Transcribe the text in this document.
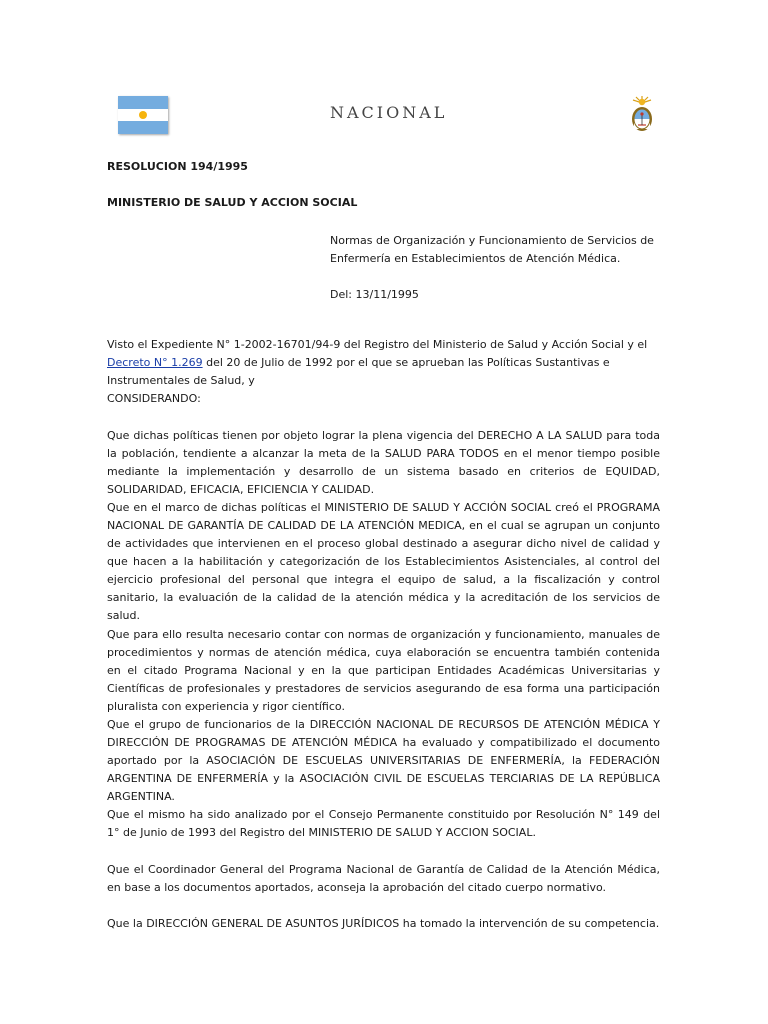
NACIONAL
RESOLUCION 194/1995
MINISTERIO DE SALUD Y ACCION SOCIAL
Normas de Organización y Funcionamiento de Servicios de Enfermería en Establecimientos de Atención Médica.
Del: 13/11/1995
Visto el Expediente N° 1-2002-16701/94-9 del Registro del Ministerio de Salud y Acción Social y el Decreto N° 1.269 del 20 de Julio de 1992 por el que se aprueban las Políticas Sustantivas e Instrumentales de Salud, y
CONSIDERANDO:
Que dichas políticas tienen por objeto lograr la plena vigencia del DERECHO A LA SALUD para toda la población, tendiente a alcanzar la meta de la SALUD PARA TODOS en el menor tiempo posible mediante la implementación y desarrollo de un sistema basado en criterios de EQUIDAD, SOLIDARIDAD, EFICACIA, EFICIENCIA Y CALIDAD.
Que en el marco de dichas políticas el MINISTERIO DE SALUD Y ACCIÓN SOCIAL creó el PROGRAMA NACIONAL DE GARANTÍA DE CALIDAD DE LA ATENCIÓN MEDICA, en el cual se agrupan un conjunto de actividades que intervienen en el proceso global destinado a asegurar dicho nivel de calidad y que hacen a la habilitación y categorización de los Establecimientos Asistenciales, al control del ejercicio profesional del personal que integra el equipo de salud, a la fiscalización y control sanitario, la evaluación de la calidad de la atención médica y la acreditación de los servicios de salud.
Que para ello resulta necesario contar con normas de organización y funcionamiento, manuales de procedimientos y normas de atención médica, cuya elaboración se encuentra también contenida en el citado Programa Nacional y en la que participan Entidades Académicas Universitarias y Científicas de profesionales y prestadores de servicios asegurando de esa forma una participación pluralista con experiencia y rigor científico.
Que el grupo de funcionarios de la DIRECCIÓN NACIONAL DE RECURSOS DE ATENCIÓN MÉDICA Y DIRECCIÓN DE PROGRAMAS DE ATENCIÓN MÉDICA ha evaluado y compatibilizado el documento aportado por la ASOCIACIÓN DE ESCUELAS UNIVERSITARIAS DE ENFERMERÍA, la FEDERACIÓN ARGENTINA DE ENFERMERÍA y la ASOCIACIÓN CIVIL DE ESCUELAS TERCIARIAS DE LA REPÚBLICA ARGENTINA.
Que el mismo ha sido analizado por el Consejo Permanente constituido por Resolución N° 149 del 1° de Junio de 1993 del Registro del MINISTERIO DE SALUD Y ACCION SOCIAL.
Que el Coordinador General del Programa Nacional de Garantía de Calidad de la Atención Médica, en base a los documentos aportados, aconseja la aprobación del citado cuerpo normativo.
Que la DIRECCIÓN GENERAL DE ASUNTOS JURÍDICOS ha tomado la intervención de su competencia.
